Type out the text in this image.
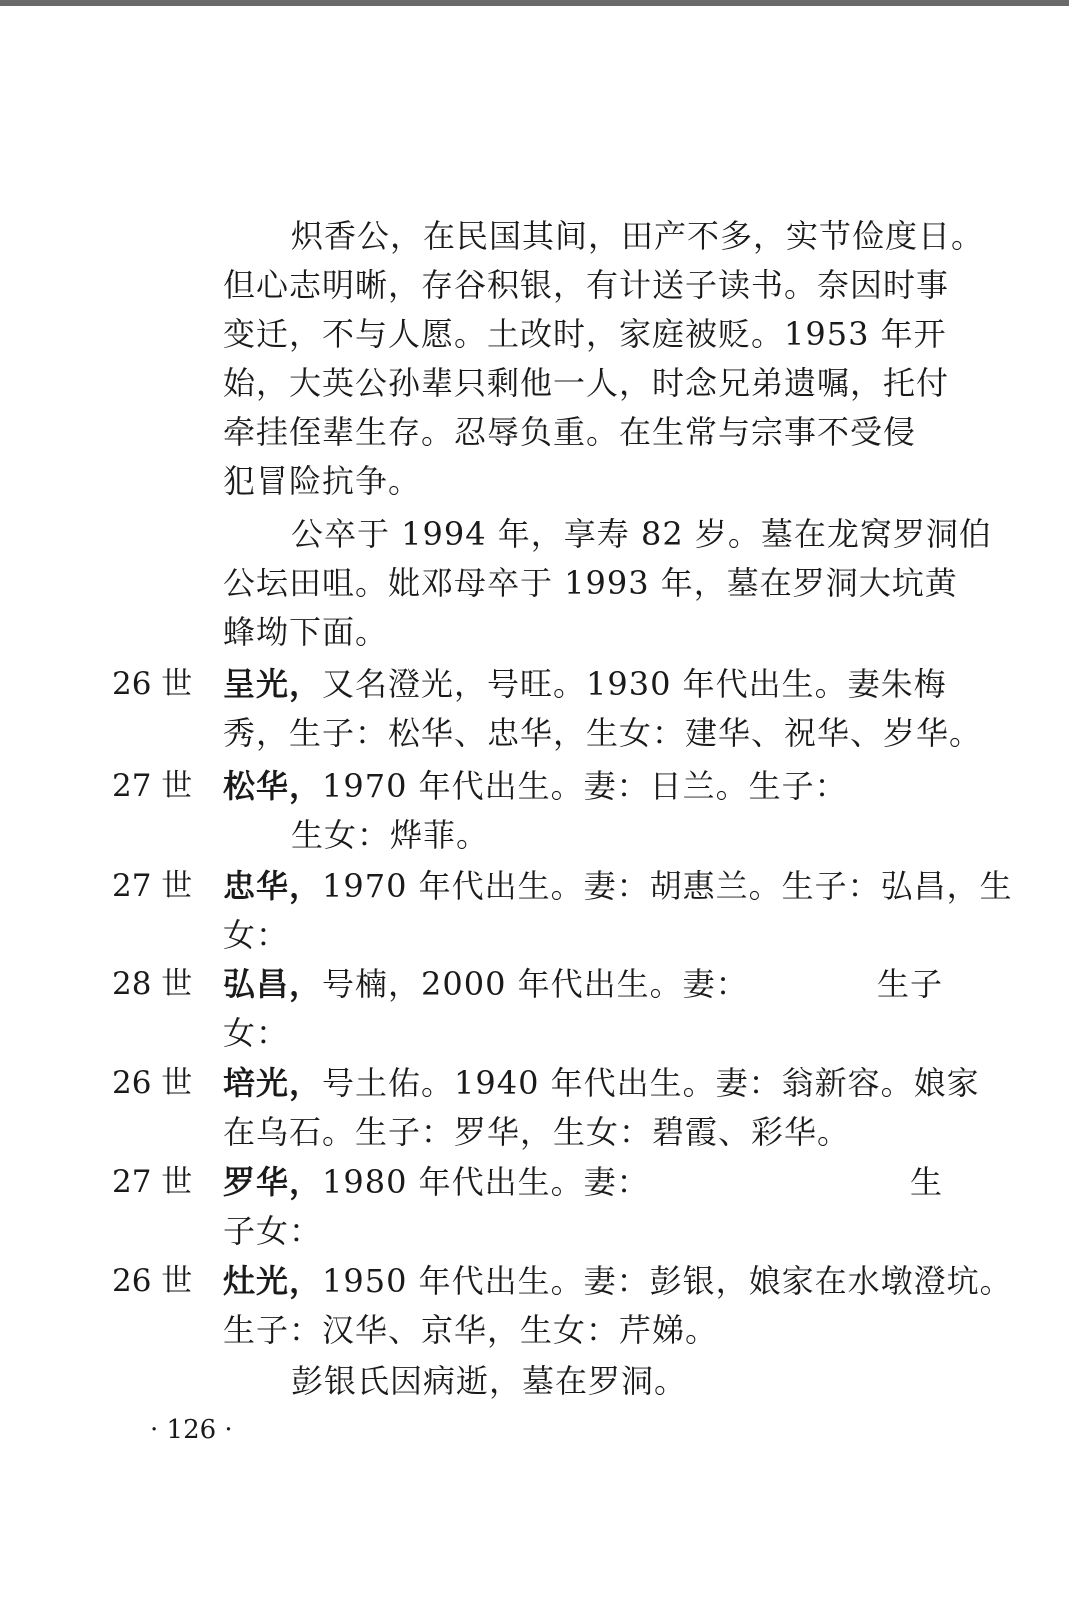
炽香公，在民国其间，田产不多，实节俭度日。
但心志明晰，存谷积银，有计送子读书。奈因时事
变迁，不与人愿。土改时，家庭被贬。1953 年开
始，大英公孙辈只剩他一人，时念兄弟遗嘱，托付
牵挂侄辈生存。忍辱负重。在生常与宗事不受侵
犯冒险抗争。
公卒于 1994 年，享寿 82 岁。墓在龙窝罗洞伯
公坛田咀。妣邓母卒于 1993 年，墓在罗洞大坑黄
蜂坳下面。
26 世 呈光，又名澄光，号旺。1930 年代出生。妻朱梅
秀，生子：松华、忠华，生女：建华、祝华、岁华。
27 世 松华，1970 年代出生。妻：日兰。生子：
生女：烨菲。
27 世 忠华，1970 年代出生。妻：胡惠兰。生子：弘昌，生
女：
28 世 弘昌，号楠，2000 年代出生。妻：	生子
女：
26 世 培光，号土佑。1940 年代出生。妻：翁新容。娘家
在乌石。生子：罗华，生女：碧霞、彩华。
27 世 罗华，1980 年代出生。妻：	生
子女：
26 世 灶光，1950 年代出生。妻：彭银，娘家在水墩澄坑。
生子：汉华、京华，生女：芹娣。
彭银氏因病逝，墓在罗洞。
· 126 ·
